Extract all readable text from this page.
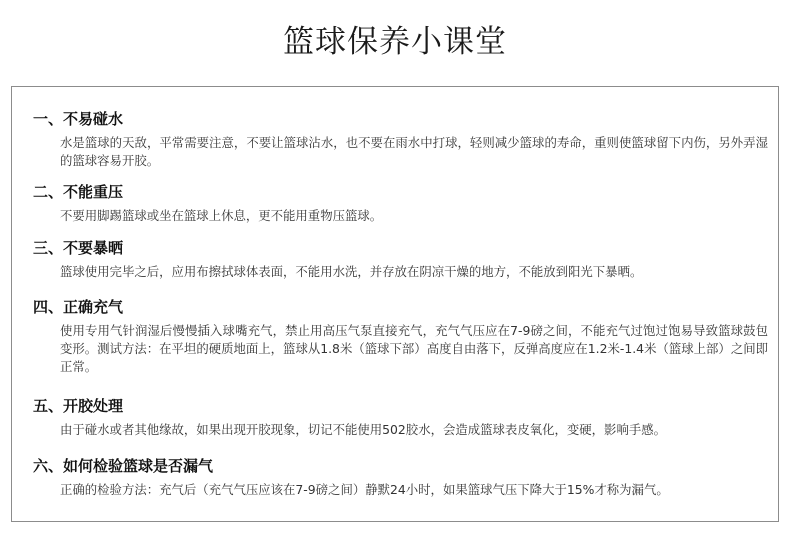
篮球保养小课堂
一、不易碰水
水是篮球的天敌，平常需要注意，不要让篮球沾水，也不要在雨水中打球，轻则减少篮球的寿命，重则使篮球留下内伤，另外弄湿的篮球容易开胶。
二、不能重压
不要用脚踢篮球或坐在篮球上休息，更不能用重物压篮球。
三、不要暴晒
篮球使用完毕之后，应用布擦拭球体表面，不能用水洗，并存放在阴凉干燥的地方，不能放到阳光下暴晒。
四、正确充气
使用专用气针润湿后慢慢插入球嘴充气，禁止用高压气泵直接充气，充气气压应在7-9磅之间，不能充气过饱过饱易导致篮球鼓包变形。测试方法：在平坦的硬质地面上，篮球从1.8米（篮球下部）高度自由落下，反弹高度应在1.2米-1.4米（篮球上部）之间即正常。
五、开胶处理
由于碰水或者其他缘故，如果出现开胶现象，切记不能使用502胶水，会造成篮球表皮氧化，变硬，影响手感。
六、如何检验篮球是否漏气
正确的检验方法：充气后（充气气压应该在7-9磅之间）静默24小时，如果篮球气压下降大于15%才称为漏气。
